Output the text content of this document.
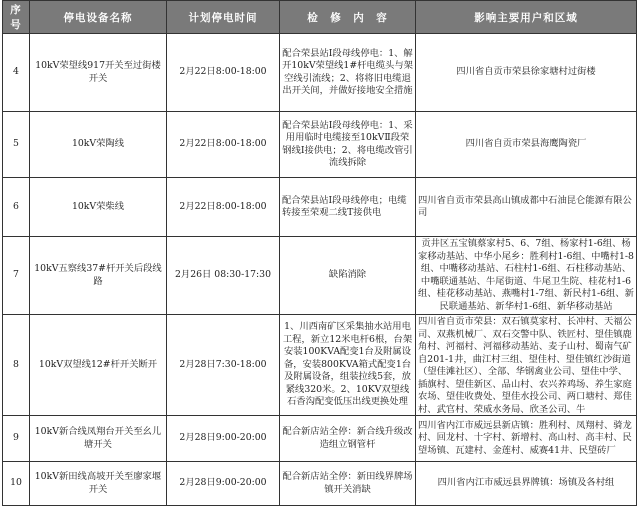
序号	停电设备名称	计划停电时间	检　修　内　容	影响主要用户和区域
4	10kV荣望线917开关至过街楼开关	2月22日8:00-18:00	配合荣县站Ⅰ段母线停电：1、解开10kV荣望线1#杆电缆头与架空线引流线；2、将将旧电缆退出开关间，并做好接地安全措施	四川省自贡市荣县徐家塘村过街楼
5	10kV荣陶线	2月22日8:00-18:00	配合荣县站Ⅰ段母线停电：1、采用用临时电缆接至10kVⅡ段荣钢线Ⅰ接供电；2、将电缆改管引流线拆除	四川省自贡市荣县海鹰陶瓷厂
6	10kV荣柴线	2月22日8:00-18:00	配合荣县站Ⅰ段母线停电；电缆转接至荣观二线T接供电	四川省自贡市荣县高山镇成都中石油昆仑能源有限公司
7	10kV五察线37#杆开关后段线路	2月26日 08:30-17:30	缺陷消除	贡井区五宝镇蔡家村5、6、7组、杨家村1-6组、杨家移动基站、中华小尾乡：胜利村1-6组、中嘴村1-8组、中嘴移动基站、石柱村1-6组、石柱移动基站、中嘴联通基站、牛尾街道、牛尾卫生院、桂花村1-6组、桂花移动基站、燕嘴村1-7组、新民村1-6组、新民联通基站、新华村1-6组、新华移动基站

8	10kV双望线12#杆开关断开	2月28日7:30-18:00	1、川西南矿区采集抽水站用电工程，新立12米电杆6根，台架安装100KVA配变1台及附属设备，安装800KVA箱式配变1台及附属设备，组装拉线5套，放紧线320米。2、10KV双望线石香沟配变低压出线更换处理	四川省自贡市荣县：双石镇莫家村、长冲村、天福公司、双燕机械厂、双石交警中队、铁匠村、望佳镇鹿角村、河福村、河福移动基站、麦子山村、蜀南气矿自201-1井，曲江村三组、望佳村、望佳镇红沙街道（望佳滩社区）、全部、华钢禽业公司、望佳中学、插旗村、望佳新区、品山村、农兴养鸡场、养生家庭农场、望佳收费处、望佳水投公司、两口塘村、郑佳村、武官村、荣威水务局、欣圣公司、牛

9	10kV新合线凤翔台开关至幺儿塘开关	2月28日9:00-20:00	配合新店站全停：新合线升级改造组立钢管杆	四川省内江市威远县新店镇：胜利村、凤翔村、骑龙村、回龙村、十字村、新增村、高山村、高丰村、民望场镇、瓦建村、金莲村、威赛41井、民望砖厂

10	10kV新田线高坡开关至廖家堰开关	2月28日9:00-20:00	配合新店站全停：新田线界牌场镇开关消缺	四川省内江市威远县界牌镇：场镇及各村组
